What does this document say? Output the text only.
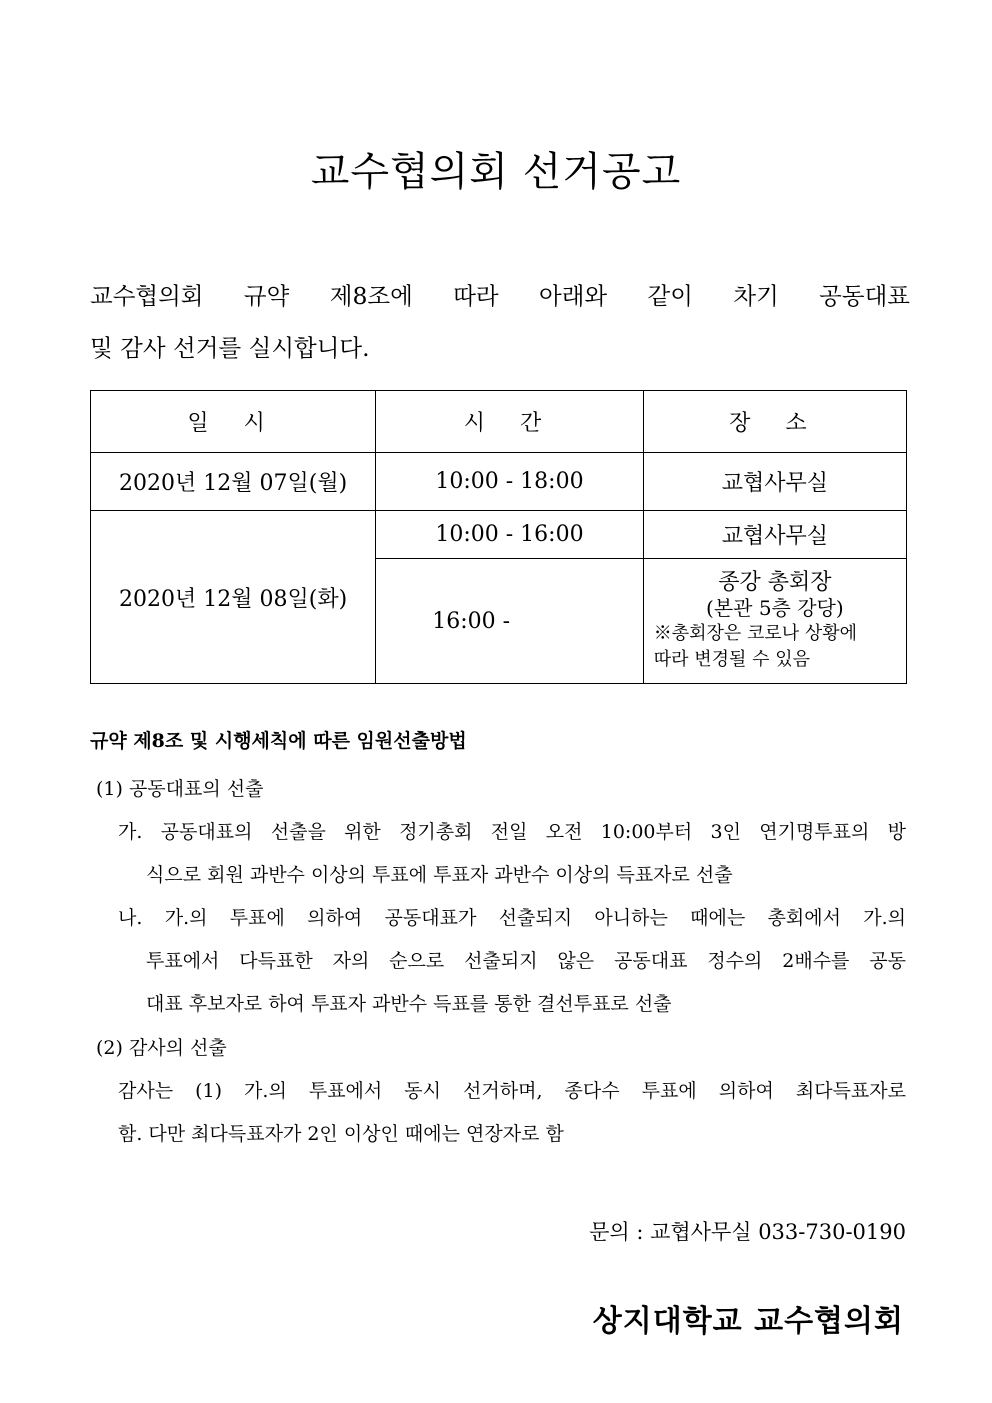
교수협의회 선거공고

교수협의회 규약 제8조에 따라 아래와 같이 차기 공동대표
및 감사 선거를 실시합니다.

일 시	시 간	장 소
2020년 12월 07일(월)	10:00 - 18:00	교협사무실
2020년 12월 08일(화)	10:00 - 16:00	교협사무실
	16:00 -	종강 총회장
(본관 5층 강당)
※총회장은 코로나 상황에
따라 변경될 수 있음

규약 제8조 및 시행세칙에 따른 임원선출방법

(1) 공동대표의 선출

가. 공동대표의 선출을 위한 정기총회 전일 오전 10:00부터 3인 연기명투표의 방

식으로 회원 과반수 이상의 투표에 투표자 과반수 이상의 득표자로 선출

나. 가.의 투표에 의하여 공동대표가 선출되지 아니하는 때에는 총회에서 가.의

투표에서 다득표한 자의 순으로 선출되지 않은 공동대표 정수의 2배수를 공동

대표 후보자로 하여 투표자 과반수 득표를 통한 결선투표로 선출

(2) 감사의 선출

감사는 (1) 가.의 투표에서 동시 선거하며, 종다수 투표에 의하여 최다득표자로

함. 다만 최다득표자가 2인 이상인 때에는 연장자로 함

문의 : 교협사무실 033-730-0190

상지대학교 교수협의회
